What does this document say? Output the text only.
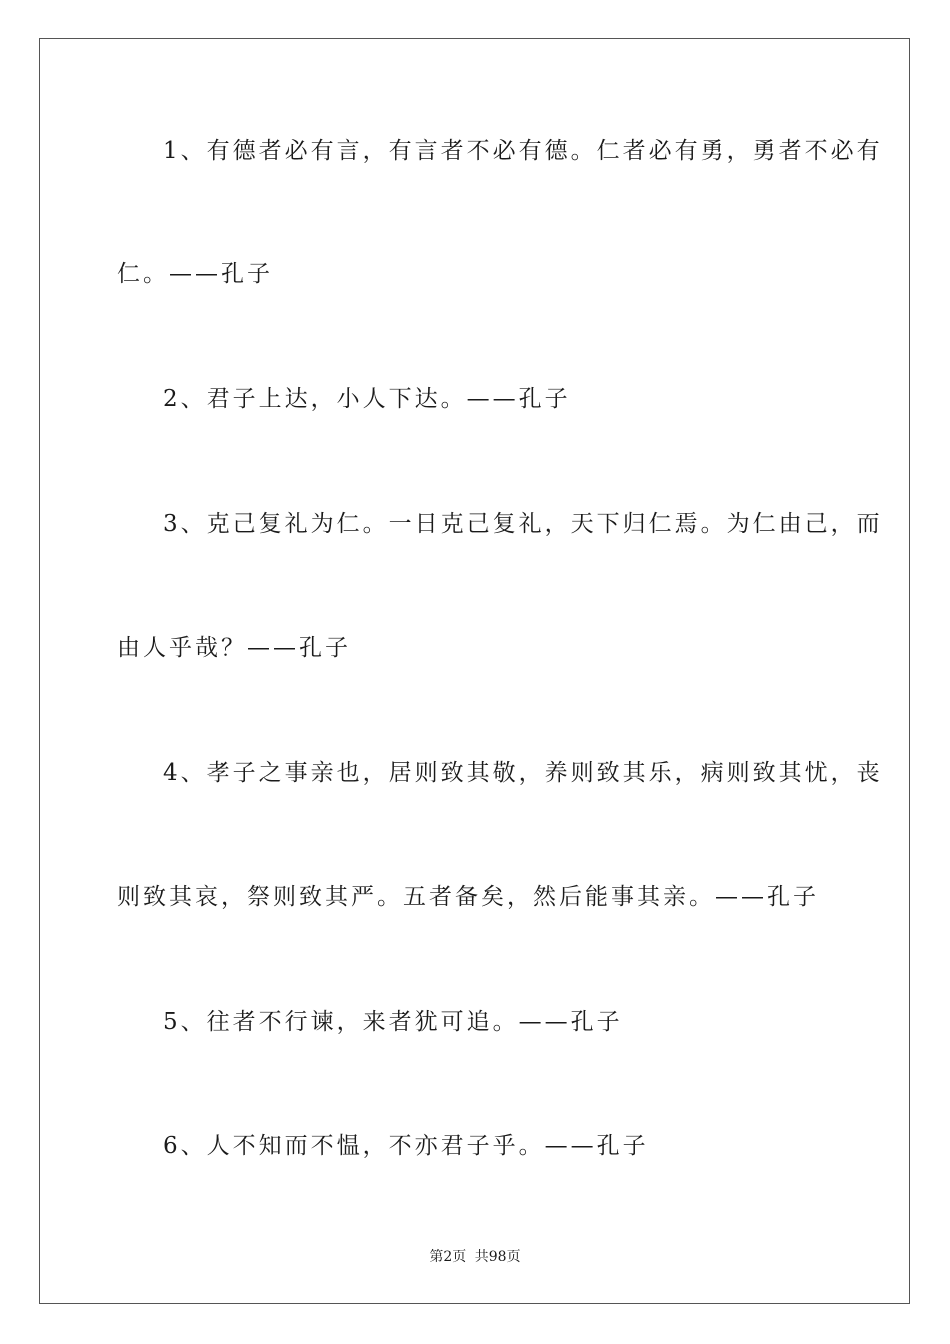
1、有德者必有言，有言者不必有德。仁者必有勇，勇者不必有
仁。——孔子
2、君子上达，小人下达。——孔子
3、克己复礼为仁。一日克己复礼，天下归仁焉。为仁由己，而
由人乎哉？——孔子
4、孝子之事亲也，居则致其敬，养则致其乐，病则致其忧，丧
则致其哀，祭则致其严。五者备矣，然后能事其亲。——孔子
5、往者不行谏，来者犹可追。——孔子
6、人不知而不愠，不亦君子乎。——孔子
第2页 共98页
